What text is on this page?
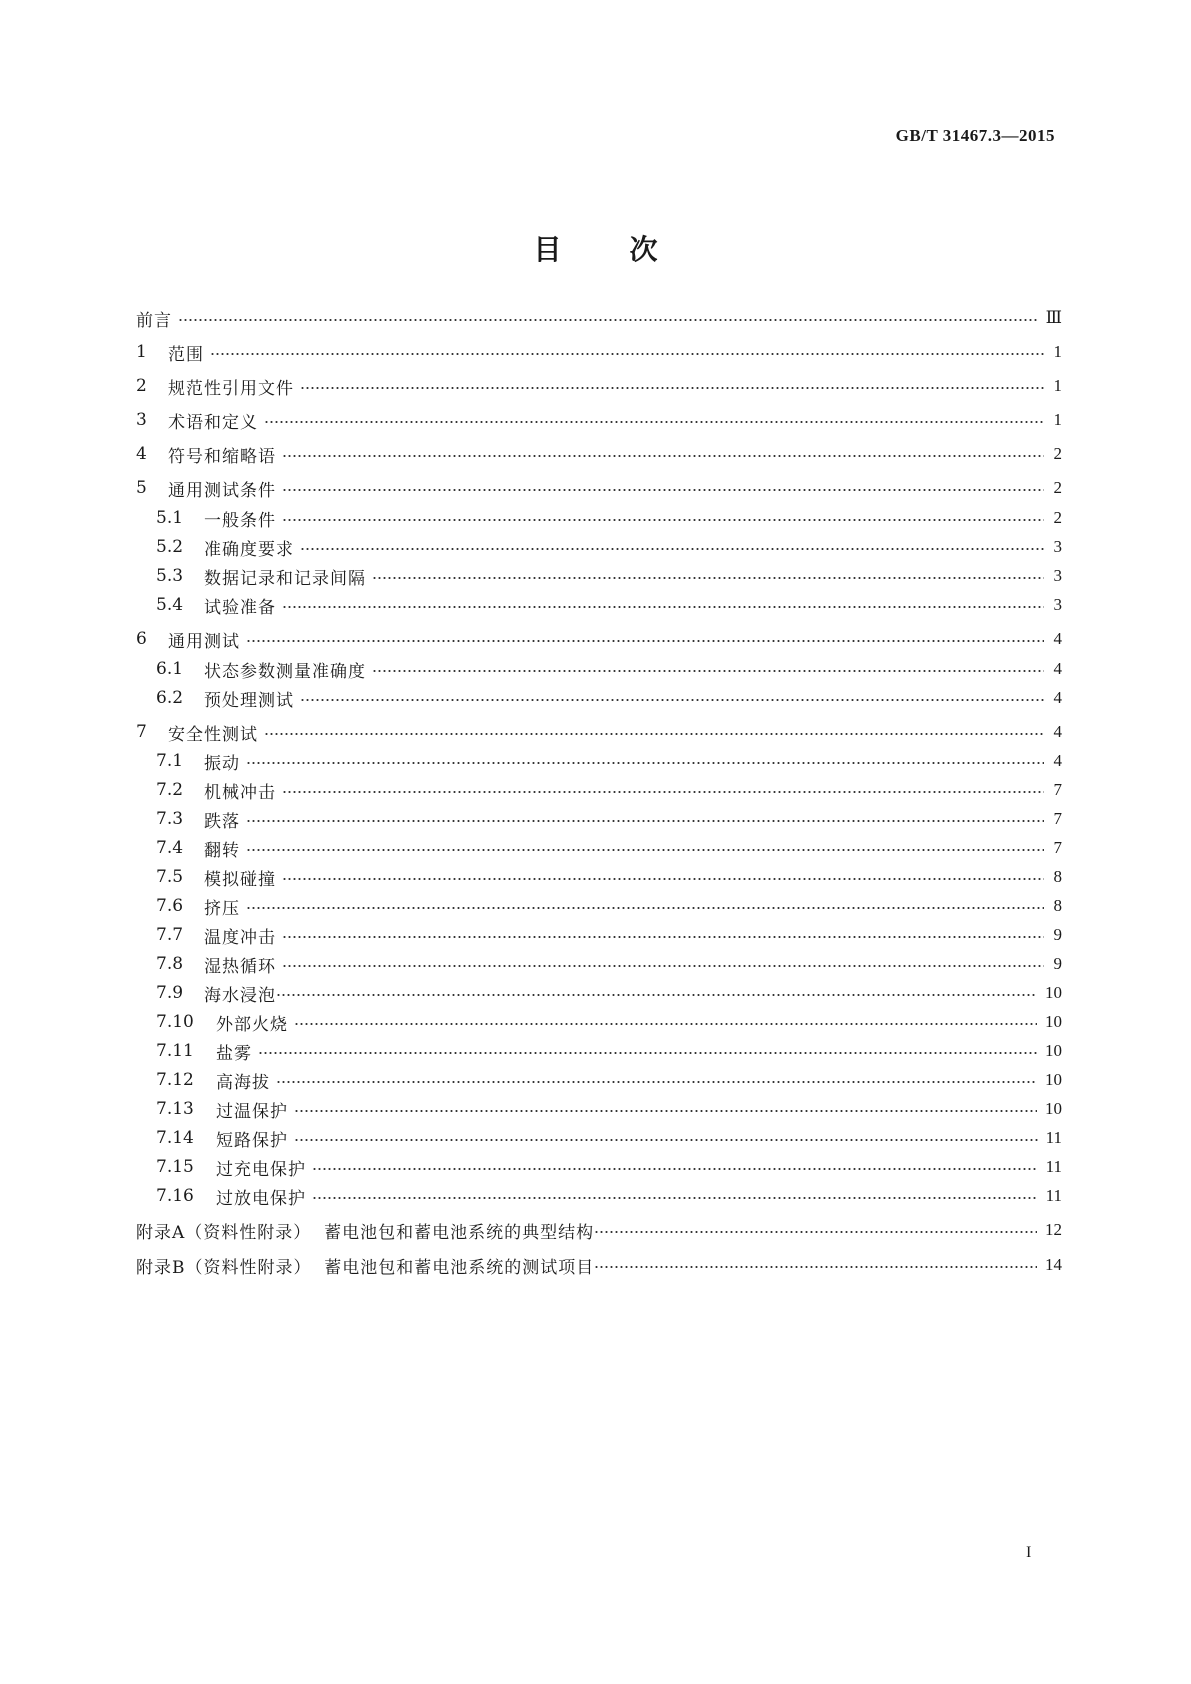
GB/T 31467.3—2015
目次
前言	Ⅲ
1	范围	1
2	规范性引用文件	1
3	术语和定义	1
4	符号和缩略语	2
5	通用测试条件	2
5.1	一般条件	2
5.2	准确度要求	3
5.3	数据记录和记录间隔	3
5.4	试验准备	3
6	通用测试	4
6.1	状态参数测量准确度	4
6.2	预处理测试	4
7	安全性测试	4
7.1	振动	4
7.2	机械冲击	7
7.3	跌落	7
7.4	翻转	7
7.5	模拟碰撞	8
7.6	挤压	8
7.7	温度冲击	9
7.8	湿热循环	9
7.9	海水浸泡	10
7.10	外部火烧	10
7.11	盐雾	10
7.12	高海拔	10
7.13	过温保护	10
7.14	短路保护	11
7.15	过充电保护	11
7.16	过放电保护	11
附录A（资料性附录）  蓄电池包和蓄电池系统的典型结构	12
附录B（资料性附录）  蓄电池包和蓄电池系统的测试项目	14
I
